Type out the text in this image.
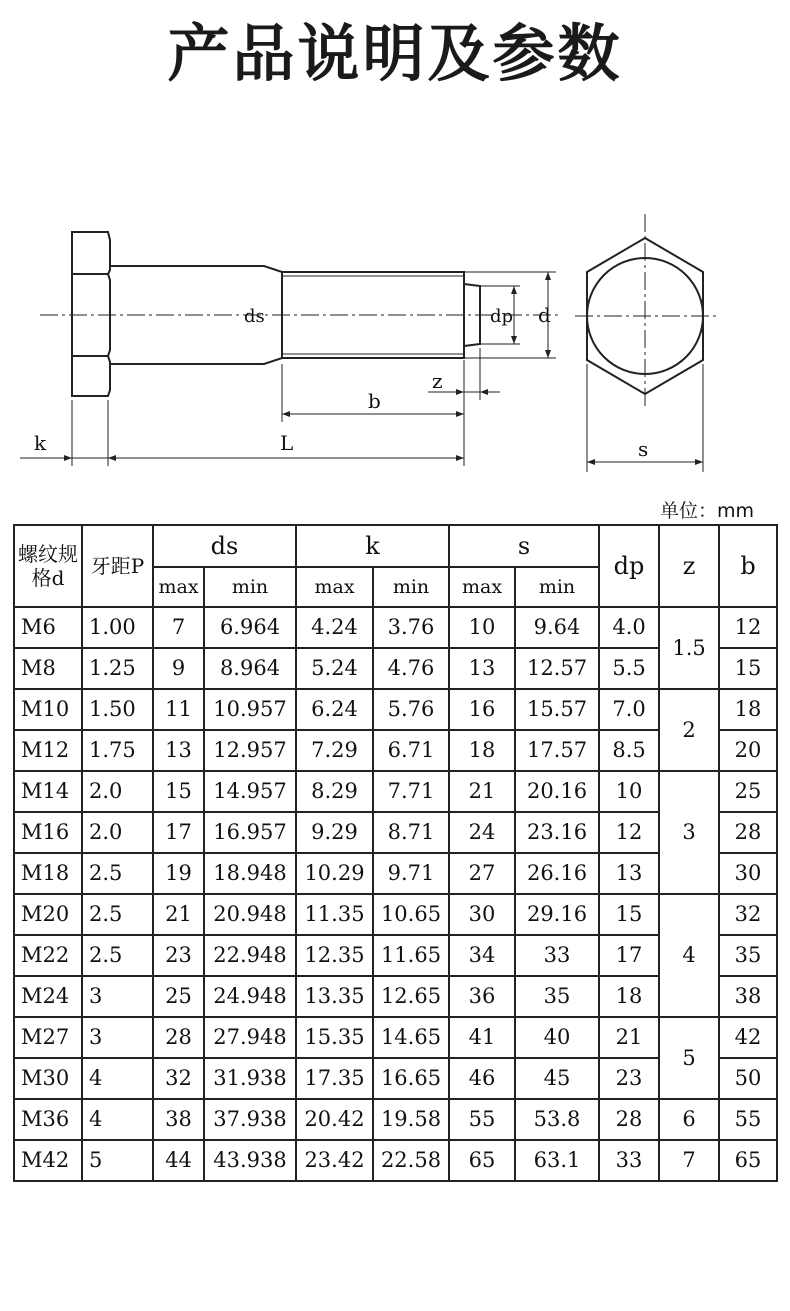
产品说明及参数
k	L
b
z
ds	dp d
s
单位：mm
螺纹规格d	牙距P	ds		k		s		dp	z	b
		max	min	max	min	max	min			
M6	1.00	7	6.964	4.24	3.76	10	9.64	4.0	1.5	12
M8	1.25	9	8.964	5.24	4.76	13	12.57	5.5		15
M10	1.50	11	10.957	6.24	5.76	16	15.57	7.0	2	18
M12	1.75	13	12.957	7.29	6.71	18	17.57	8.5		20
M14	2.0	15	14.957	8.29	7.71	21	20.16	10	3	25
M16	2.0	17	16.957	9.29	8.71	24	23.16	12		28
M18	2.5	19	18.948	10.29	9.71	27	26.16	13		30
M20	2.5	21	20.948	11.35	10.65	30	29.16	15	4	32
M22	2.5	23	22.948	12.35	11.65	34	33	17		35
M24	3	25	24.948	13.35	12.65	36	35	18		38
M27	3	28	27.948	15.35	14.65	41	40	21	5	42
M30	4	32	31.938	17.35	16.65	46	45	23		50
M36	4	38	37.938	20.42	19.58	55	53.8	28	6	55
M42	5	44	43.938	23.42	22.58	65	63.1	33	7	65
